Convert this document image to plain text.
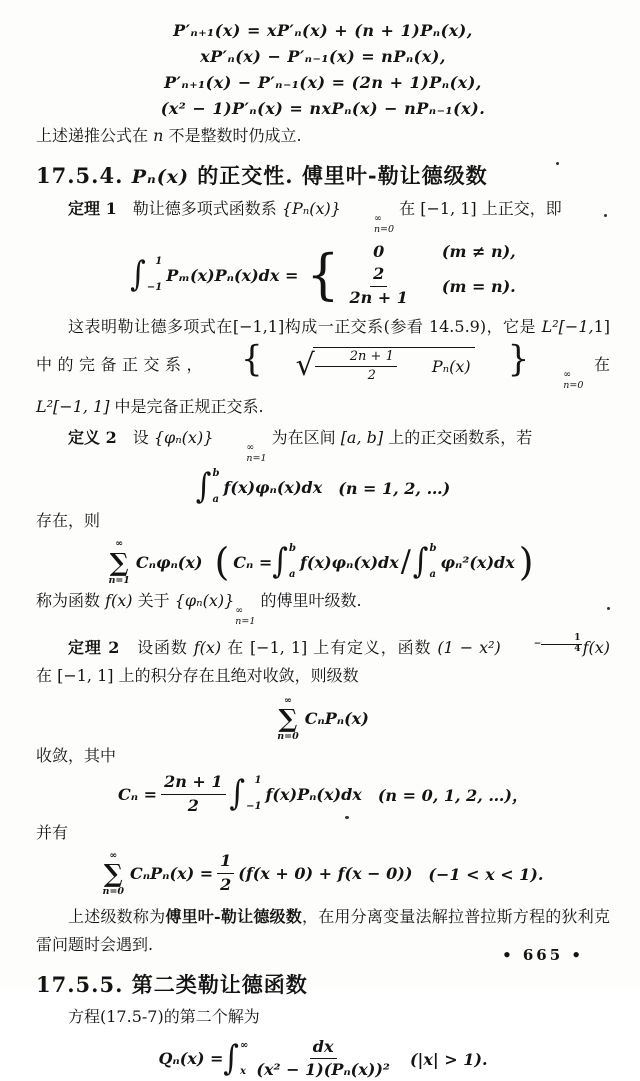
P′ₙ₊₁(x) = xP′ₙ(x) + (n + 1)Pₙ(x),
xP′ₙ(x) − P′ₙ₋₁(x) = nPₙ(x),
P′ₙ₊₁(x) − P′ₙ₋₁(x) = (2n + 1)Pₙ(x),
(x² − 1)P′ₙ(x) = nxPₙ(x) − nPₙ₋₁(x).

上述递推公式在 n 不是整数时仍成立.

17.5.4. Pₙ(x) 的正交性. 傅里叶-勒让德级数

定理 1　勒让德多项式函数系 {Pₙ(x)}
∞
n=0
在 [−1, 1] 上正交，即

∫ 1
−1
Pₘ(x)Pₙ(x)dx = { 0	(m ≠ n),
$\frac{2}{2n + 1} (m = n)$.

这表明勒让德多项式在[−1,1]构成一正交系(参看 14.5.9)，它是 L²[−1,1]中的完备正交系， {	√ $\frac{2n + 1}{2}$	Pₙ(x) }	∞
n=0
在 L²[−1, 1] 中是完备正规正交系.

定义 2　设 {φₙ(x)}
∞
n=1
为在区间 [a, b] 上的正交函数系，若

∫ b
a
f(x)φₙ(x)dx 　(n = 1, 2, …)

存在，则

∞
∑
n=1
Cₙφₙ(x) ( Cₙ = ∫ b
a
f(x)φₙ(x)dx / ∫ b
a
φₙ²(x)dx )

称为函数 f(x) 关于 {φₙ(x)}
∞
n=1
的傅里叶级数.

定理 2　设函数 f(x) 在 [−1, 1] 上有定义，函数 (1 − x²)	− $\frac{1}{4} f(x)$ 在 [−1, 1] 上的积分存在且绝对收敛，则级数

∞
∑
n=0
CₙPₙ(x)

收敛，其中

$C_n = \frac{2n + 1}{2}$ ∫ 1
−1
f(x)Pₙ(x)dx 　(n = 0, 1, 2, …)，

并有

∞
∑
n=0
$C_nP_n(x) = \frac{1}{2} (f(x + 0) + f(x - 0))$ 　(−1 < x < 1).

上述级数称为傅里叶-勒让德级数，在用分离变量法解拉普拉斯方程的狄利克雷问题时会遇到.

17.5.5. 第二类勒让德函数

方程(17.5-7)的第二个解为

Qₙ(x) = ∫ ∞
x $\frac{dx}{\text{(x² − 1)(Pₙ(x))²}}$ 　(|x| > 1).
• 665 •
